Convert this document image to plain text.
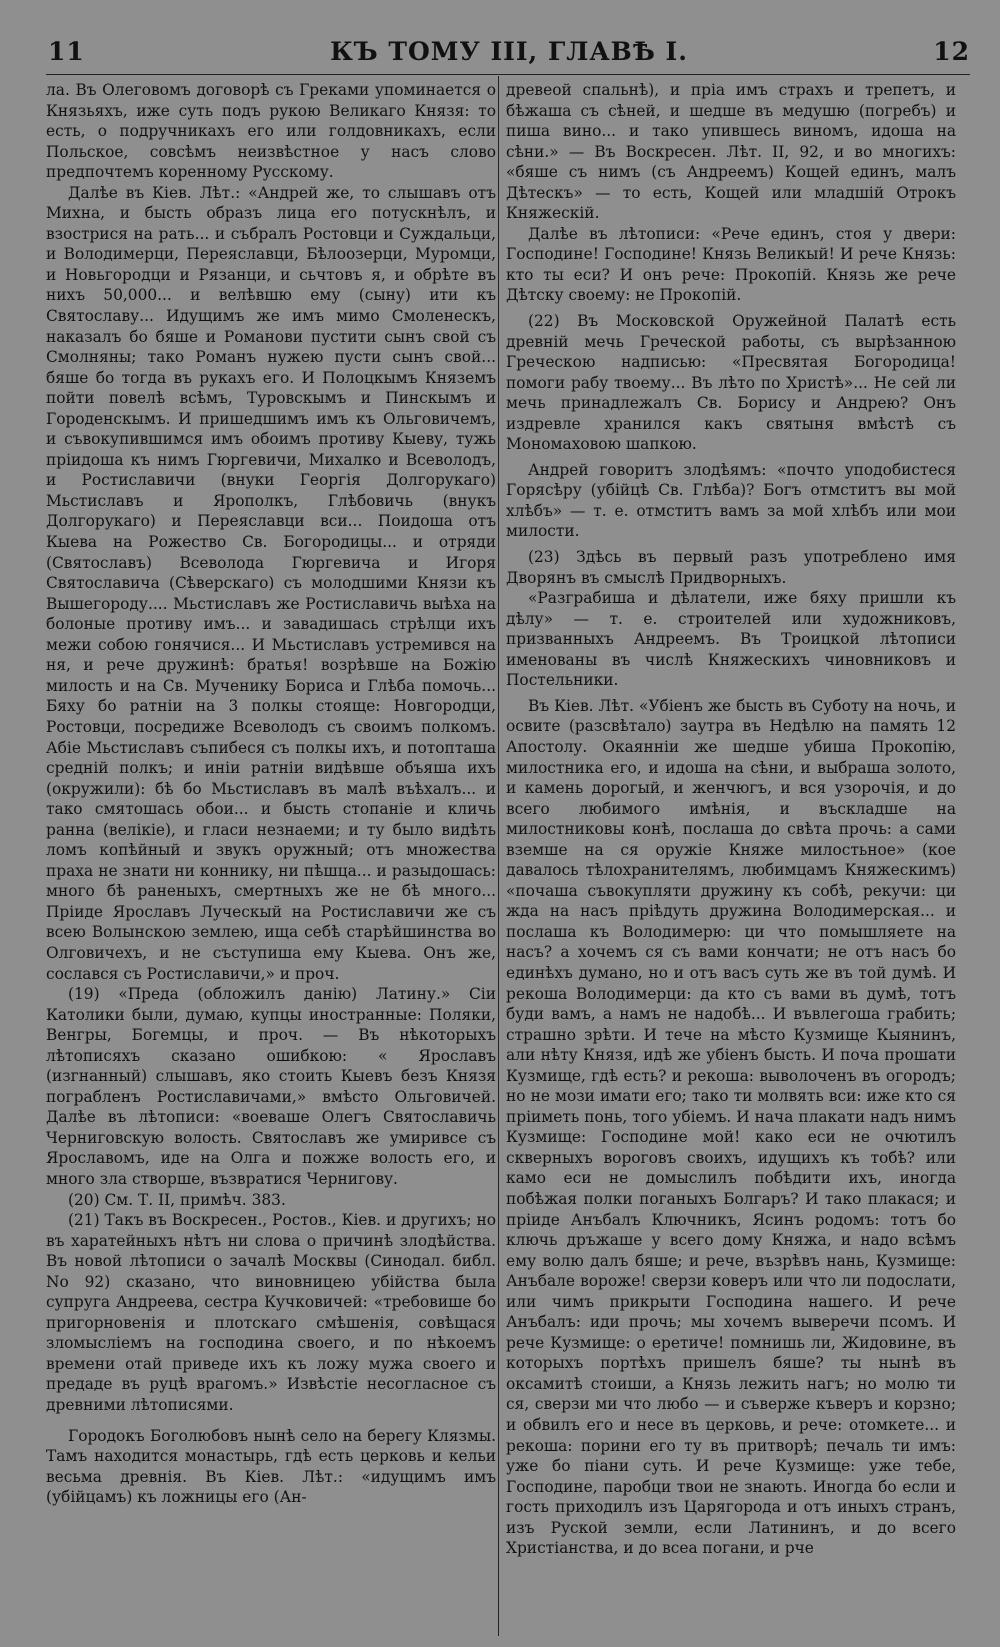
11	КЪ ТОМУ III, ГЛАВѢ I.	12

ла. Въ Олеговомъ договорѣ съ Греками упоминается о Князьяхъ, иже суть подъ рукою Великаго Князя: то есть, о подручникахъ его или голдовникахъ, если Польское, совсѣмъ неизвѣстное у насъ слово предпочтемъ коренному Русскому.

Далѣе въ Кіев. Лѣт.: «Андрей же, то слышавъ отъ Михна, и бысть образъ лица его потускнѣлъ, и взострися на рать... и събралъ Ростовци и Суждальци, и Володимерци, Переяславци, Бѣлоозерци, Муромци, и Новьгородци и Рязанци, и сьчтовъ я, и обрѣте въ нихъ 50,000... и велѣвшю ему (сыну) ити къ Святославу... Идущимъ же имъ мимо Смоленескъ, наказалъ бо бяше и Романови пустити сынъ свой съ Смолняны; тако Романъ нужею пусти сынъ свой... бяше бо тогда въ рукахъ его. И Полоцкымъ Княземъ пойти повелѣ всѣмъ, Туровскымъ и Пинскымъ и Городенскымъ. И пришедшимъ имъ къ Ольговичемъ, и съвокупившимся имъ обоимъ противу Кыеву, тужь пріидоша къ нимъ Гюргевичи, Михалко и Всеволодъ, и Ростиславичи (внуки Георгія Долгорукаго) Мьстиславъ и Ярополкъ, Глѣбовичь (внукъ Долгорукаго) и Переяславци вси... Поидоша отъ Кыева на Рожество Св. Богородицы... и отряди (Святославъ) Всеволода Гюргевича и Игоря Святославича (Сѣверскаго) съ молодшими Князи къ Вышегороду.... Мьстиславъ же Ростиславичь выѣха на болоные противу имъ... и завадишась стрѣлци ихъ межи собою гонячися... И Мьстиславъ устремився на ня, и рече дружинѣ: братья! возрѣвше на Божію милость и на Св. Мученику Бориса и Глѣба помочь... Бяху бо ратніи на 3 полкы стояще: Новгородци, Ростовци, посредиже Всеволодъ съ своимъ полкомъ. Абіе Мьстиславъ съпибеся съ полкы ихъ, и потопташа средній полкъ; и иніи ратніи видѣвше объяша ихъ (окружили): бѣ бо Мьстиславъ въ малѣ въѣхалъ... и тако смятошась обои... и бысть стопаніе и кличь ранна (велікіе), и гласи незнаеми; и ту было видѣть ломъ копѣйный и звукъ оружный; отъ множества праха не знати ни коннику, ни пѣшца... и разыдошась: много бѣ раненыхъ, смертныхъ же не бѣ много... Пріиде Ярославъ Луческый на Ростиславичи же съ всею Волынскою землею, ища себѣ старѣйшинства во Олговичехъ, и не съступиша ему Кыева. Онъ же, сослався съ Ростиславичи,» и проч.

(19) «Преда (обложилъ данію) Латину.» Сіи Католики были, думаю, купцы иностранные: Поляки, Венгры, Богемцы, и проч. — Въ нѣкоторыхъ лѣтописяхъ сказано ошибкою: « Ярославъ (изгнанный) слышавъ, яко стоить Кыевъ безъ Князя пограбленъ Ростиславичами,» вмѣсто Ольговичей. Далѣе въ лѣтописи: «воеваше Олегъ Святославичь Черниговскую волость. Святославъ же умиривсе съ Ярославомъ, иде на Олга и пожже волость его, и много зла створше, възвратися Чернигову.

(20) См. Т. II, примѣч. 383.

(21) Такъ въ Воскресен., Ростов., Кіев. и другихъ; но въ харатейныхъ нѣтъ ни слова о причинѣ злодѣйства. Въ новой лѣтописи о зачалѣ Москвы (Синодал. библ. No 92) сказано, что виновницею убійства была супруга Андреева, сестра Кучковичей: «требовише бо пригорновенія и плотскаго смѣшенія, совѣщася зломыслiемъ на господина своего, и по нѣкоемъ времени отай приведе ихъ къ ложу мужа своего и предаде въ руцѣ врагомъ.» Извѣстіе несогласное съ древними лѣтописями.

Городокъ Боголюбовъ нынѣ село на берегу Клязмы. Тамъ находится монастырь, гдѣ есть церковь и кельи весьма древнія. Въ Кіев. Лѣт.: «идущимъ имъ (убійцамъ) къ ложницы его (Ан-

древеой спальнѣ), и пріа имъ страхъ и трепетъ, и бѣжаша съ сѣней, и шедше въ медушю (погребъ) и пиша вино... и тако упившесь виномъ, идоша на сѣни.» — Въ Воскресен. Лѣт. II, 92, и во многихъ: «бяше съ нимъ (съ Андреемъ) Кощей единъ, малъ Дѣтескъ» — то есть, Кощей или младшій Отрокъ Княжескій.

Далѣе въ лѣтописи: «Рече единъ, стоя у двери: Господине! Господине! Князь Великый! И рече Князь: кто ты еси? И онъ рече: Прокопій. Князь же рече Дѣтску своему: не Прокопій.

(22) Въ Московской Оружейной Палатѣ есть древній мечь Греческой работы, съ вырѣзанною Греческою надписью: «Пресвятая Богородица! помоги рабу твоему... Въ лѣто по Христѣ»... Не сей ли мечь принадлежалъ Св. Борису и Андрею? Онъ издревле хранился какъ святыня вмѣстѣ съ Мономаховою шапкою.

Андрей говоритъ злодѣямъ: «почто уподобистеся Горясѣру (убійцѣ Св. Глѣба)? Богъ отмститъ вы мой хлѣбъ» — т. е. отмститъ вамъ за мой хлѣбъ или мои милости.

(23) Здѣсь въ первый разъ употреблено имя Дворянъ въ смыслѣ Придворныхъ.

«Разграбиша и дѣлатели, иже бяху пришли къ дѣлу» — т. е. строителей или художниковъ, призванныхъ Андреемъ. Въ Троицкой лѣтописи именованы въ числѣ Княжескихъ чиновниковъ и Постельники.

Въ Кіев. Лѣт. «Убіенъ же бысть въ Суботу на ночь, и освите (разсвѣтало) заутра въ Недѣлю на память 12 Апостолу. Окаянніи же шедше убиша Прокопію, милостника его, и идоша на сѣни, и выбраша золото, и камень дорогый, и женчюгъ, и вся узорочія, и до всего любимого имѣнія, и въскладше на милостниковы конѣ, послаша до свѣта прочь: а сами вземше на ся оружіе Княже милостьное» (кое давалось тѣлохранителямъ, любимцамъ Княжескимъ) «почаша съвокупляти дружину къ собѣ, рекучи: ци жда на насъ пріѣдуть дружина Володимерская... и послаша къ Володимерю: ци что помышляете на насъ? а хочемъ ся съ вами кончати; не отъ насъ бо единѣхъ думано, но и отъ васъ суть же въ той думѣ. И рекоша Володимерци: да кто съ вами въ думѣ, тотъ буди вамъ, а намъ не надобѣ... И въвлегоша грабить; страшно зрѣти. И тече на мѣсто Кузмище Кыянинъ, али нѣту Князя, идѣ же убіенъ бысть. И поча прошати Кузмище, гдѣ есть? и рекоша: выволоченъ въ огородъ; но не мози имати его; тако ти молвять вси: иже кто ся пріиметь понь, того убіемъ. И нача плакати надъ нимъ Кузмище: Господине мой! како еси не очютилъ скверныхъ вороговъ своихъ, идущихъ къ тобѣ? или камо еси не домыслилъ побѣдити ихъ, иногда побѣжая полки поганыхъ Болгаръ? И тако плакася; и пріиде Анъбалъ Ключникъ, Ясинъ родомъ: тотъ бо ключь дръжаше у всего дому Княжа, и надо всѣмъ ему волю далъ бяше; и рече, възрѣвъ нань, Кузмище: Анъбале вороже! сверзи коверъ или что ли подослати, или чимъ прикрыти Господина нашего. И рече Анъбалъ: иди прочь; мы хочемъ выверечи псомъ. И рече Кузмище: о еретиче! помнишь ли, Жидовине, въ которыхъ портѣхъ пришелъ бяше? ты нынѣ въ оксамитѣ стоиши, а Князь лежить нагъ; но молю ти ся, сверзи ми что любо — и съверже къверъ и корзно; и обвилъ его и несе въ церковь, и рече: отомкете... и рекоша: порини его ту въ притворѣ; печаль ти имъ: уже бо піани суть. И рече Кузмище: уже тебе, Господине, паробци твои не знають. Иногда бо если и гость приходилъ изъ Царягорода и отъ иныхъ странъ, изъ Руской земли, если Латининъ, и до всего Христіанства, и до всеа погани, и рче
